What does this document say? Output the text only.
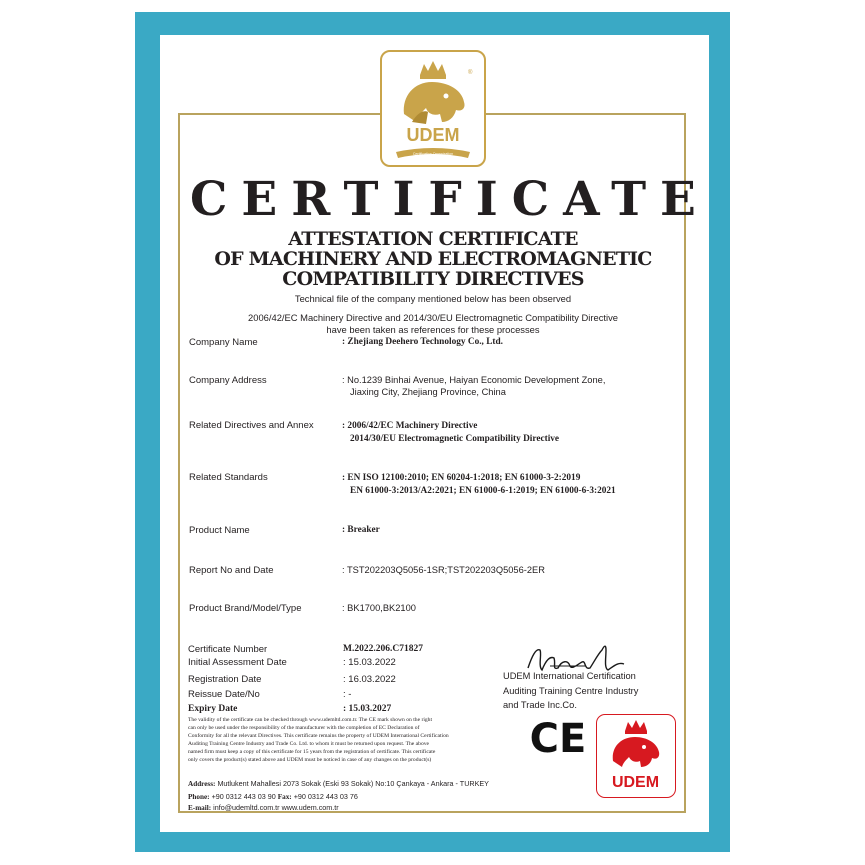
®
UDEM
Certification Organization
CERTIFICATE
ATTESTATION CERTIFICATE
OF MACHINERY AND ELECTROMAGNETIC
COMPATIBILITY DIRECTIVES
Technical file of the company mentioned below has been observed
2006/42/EC Machinery Directive and 2014/30/EU Electromagnetic Compatibility Directive
have been taken as references for these processes
Company Name	: Zhejiang Deehero Technology Co., Ltd.
Company Address	: No.1239 Binhai Avenue, Haiyan Economic Development Zone,
Jiaxing City, Zhejiang Province, China
Related Directives and Annex	: 2006/42/EC Machinery Directive
2014/30/EU Electromagnetic Compatibility Directive
Related Standards	: EN ISO 12100:2010; EN 60204-1:2018; EN 61000-3-2:2019
EN 61000-3:2013/A2:2021; EN 61000-6-1:2019; EN 61000-6-3:2021
Product Name	: Breaker
Report No and Date	: TST202203Q5056-1SR;TST202203Q5056-2ER
Product Brand/Model/Type	: BK1700,BK2100
Certificate Number	M.2022.206.C71827
Initial Assessment Date	: 15.03.2022
Registration Date	: 16.03.2022
Reissue Date/No	: -
Expiry Date	: 15.03.2027
The validity of the certificate can be checked through www.udemltd.com.tr. The CE mark shown on the right
can only be used under the responsibility of the manufacturer with the completion of EC Declaration of
Conformity for all the relevant Directives. This certificate remains the property of UDEM International Certification
Auditing Training Centre Industry and Trade Co. Ltd. to whom it must be returned upon request. The above
named firm must keep a copy of this certificate for 15 years from the registration of certificate. This certificate
only covers the product(s) stated above and UDEM must be noticed in case of any changes on the product(s)
Address: Mutlukent Mahallesi 2073 Sokak (Eski 93 Sokak) No:10 Çankaya - Ankara - TURKEY
Phone: +90 0312 443 03 90 Fax: +90 0312 443 03 76
E-mail: info@udemltd.com.tr www.udem.com.tr
UDEM International Certification
Auditing Training Centre Industry
and Trade Inc.Co.
CE
UDEM
